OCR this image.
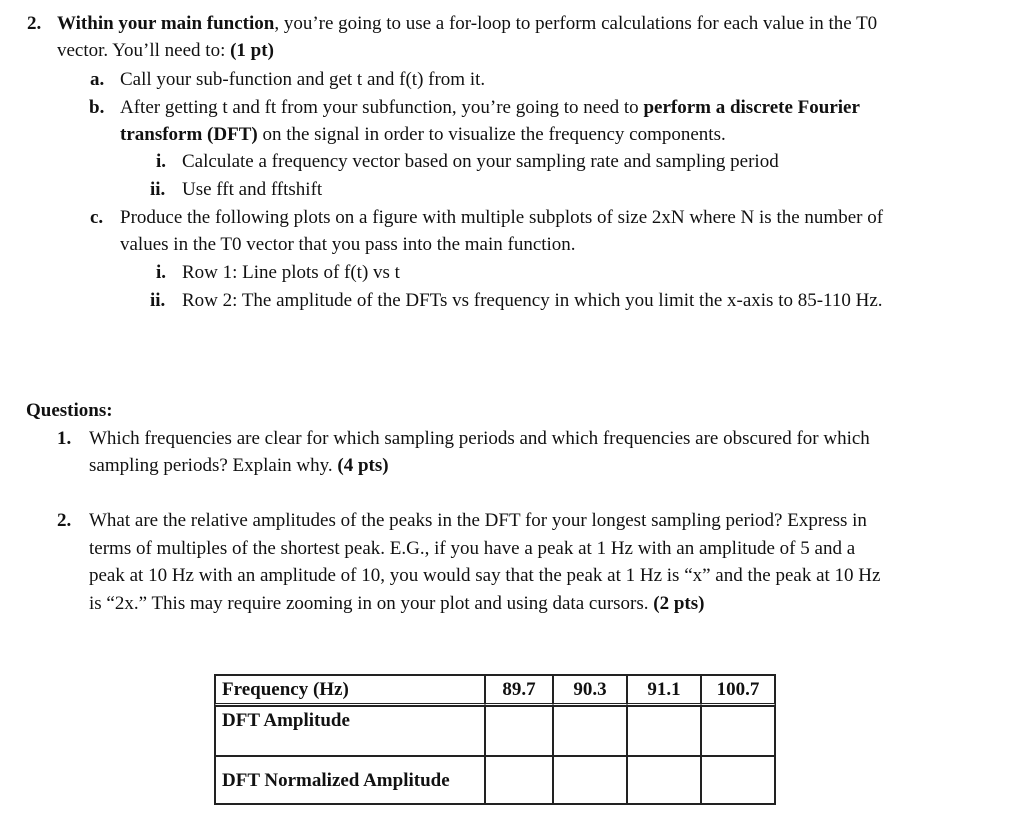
2. Within your main function, you’re going to use a for-loop to perform calculations for each value in the T0
vector. You’ll need to: (1 pt)
a. Call your sub-function and get t and f(t) from it.
b. After getting t and ft from your subfunction, you’re going to need to perform a discrete Fourier
transform (DFT) on the signal in order to visualize the frequency components.
i. Calculate a frequency vector based on your sampling rate and sampling period
ii. Use fft and fftshift
c. Produce the following plots on a figure with multiple subplots of size 2xN where N is the number of
values in the T0 vector that you pass into the main function.
i. Row 1: Line plots of f(t) vs t
ii. Row 2: The amplitude of the DFTs vs frequency in which you limit the x-axis to 85-110 Hz.
Questions:
1. Which frequencies are clear for which sampling periods and which frequencies are obscured for which
sampling periods? Explain why. (4 pts)
2. What are the relative amplitudes of the peaks in the DFT for your longest sampling period? Express in
terms of multiples of the shortest peak. E.G., if you have a peak at 1 Hz with an amplitude of 5 and a
peak at 10 Hz with an amplitude of 10, you would say that the peak at 1 Hz is “x” and the peak at 10 Hz
is “2x.” This may require zooming in on your plot and using data cursors. (2 pts)
Frequency (Hz)	89.7	90.3	91.1	100.7
DFT Amplitude				
DFT Normalized Amplitude				
